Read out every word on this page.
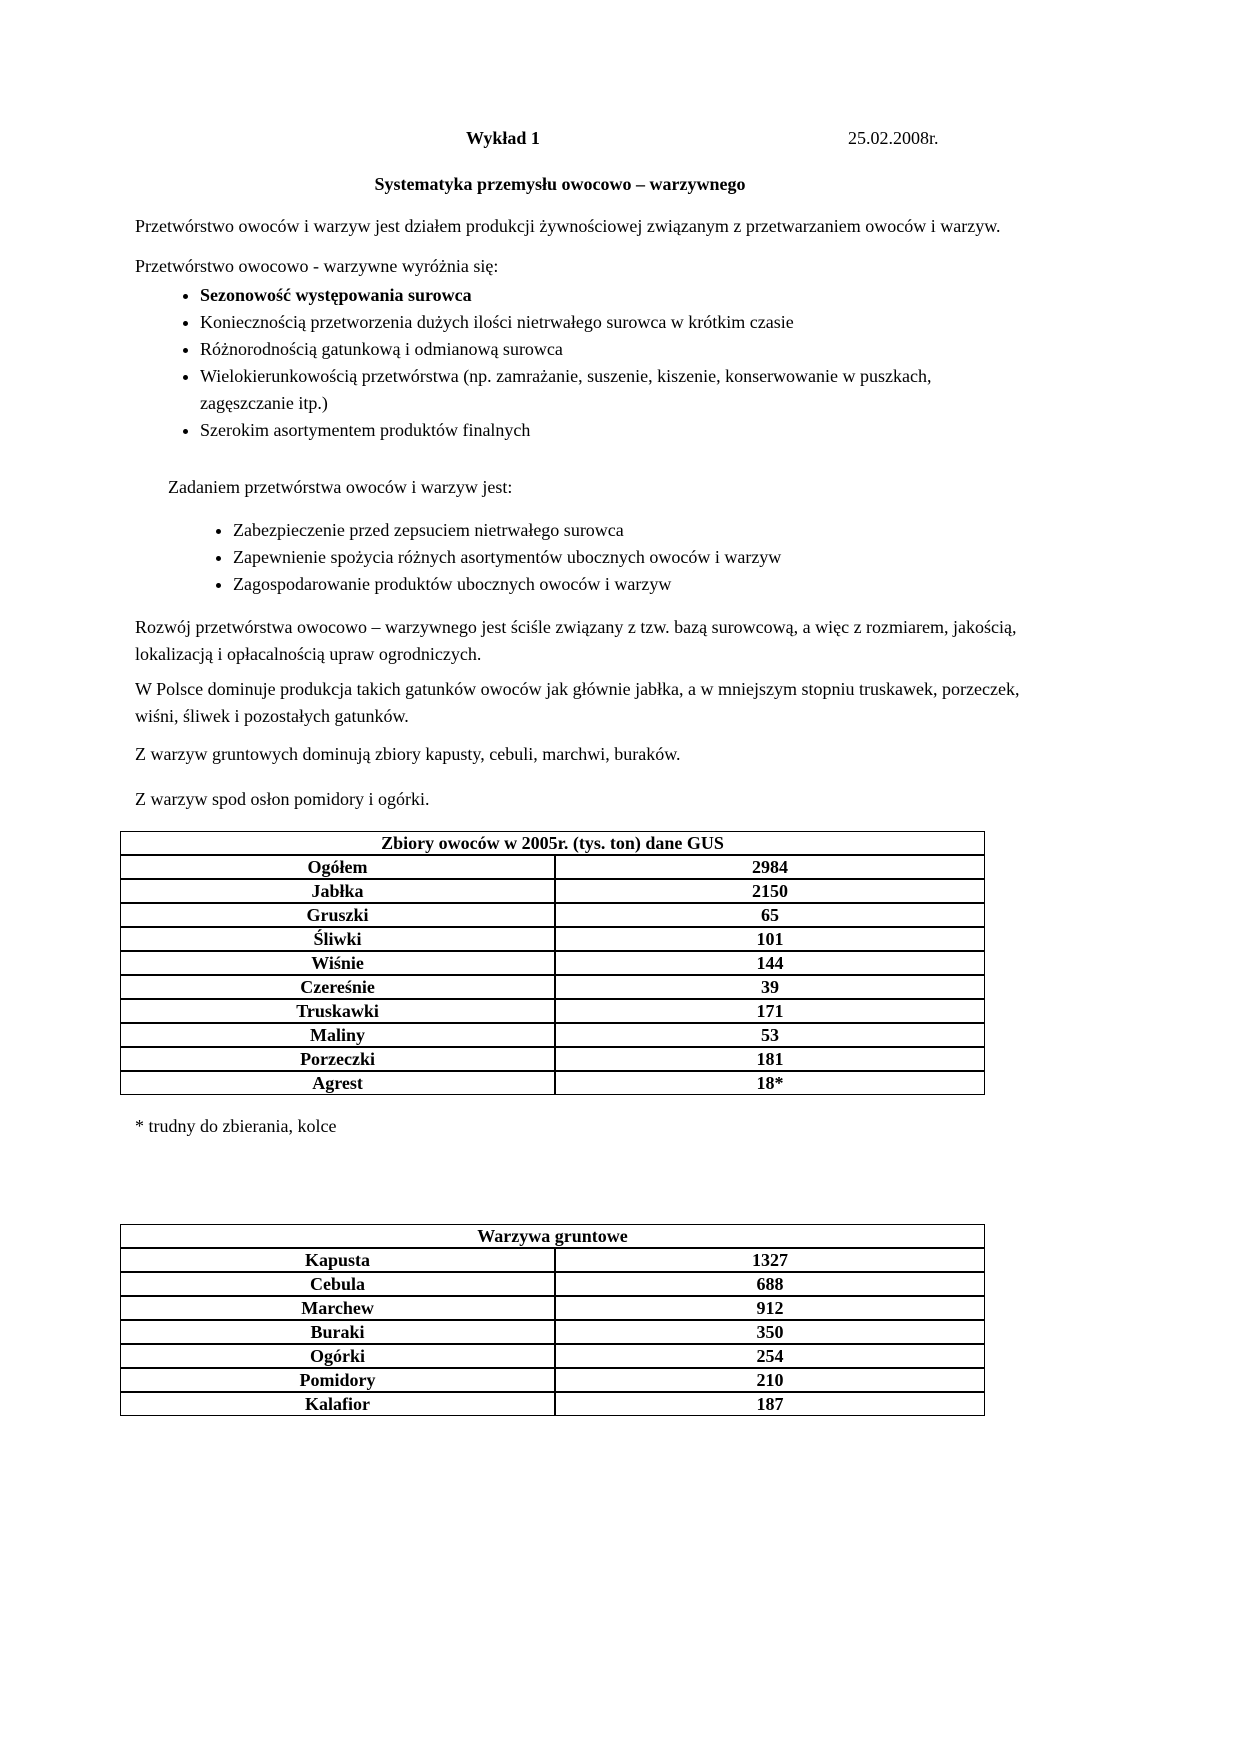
Wykład 1	25.02.2008r.

Systematyka przemysłu owocowo – warzywnego

Przetwórstwo owoców i warzyw jest działem produkcji żywnościowej związanym z przetwarzaniem owoców i warzyw.

Przetwórstwo owocowo - warzywne wyróżnia się:

• Sezonowość występowania surowca
• Koniecznością przetworzenia dużych ilości nietrwałego surowca w krótkim czasie
• Różnorodnością gatunkową i odmianową surowca
• Wielokierunkowością przetwórstwa (np. zamrażanie, suszenie, kiszenie, konserwowanie w puszkach, zagęszczanie itp.)
• Szerokim asortymentem produktów finalnych

Zadaniem przetwórstwa owoców i warzyw jest:

• Zabezpieczenie przed zepsuciem nietrwałego surowca
• Zapewnienie spożycia różnych asortymentów ubocznych owoców i warzyw
• Zagospodarowanie produktów ubocznych owoców i warzyw

Rozwój przetwórstwa owocowo – warzywnego jest ściśle związany z tzw. bazą surowcową, a więc z rozmiarem, jakością, lokalizacją i opłacalnością upraw ogrodniczych.

W Polsce dominuje produkcja takich gatunków owoców jak głównie jabłka, a w mniejszym stopniu truskawek, porzeczek, wiśni, śliwek i pozostałych gatunków.

Z warzyw gruntowych dominują zbiory kapusty, cebuli, marchwi, buraków.

Z warzyw spod osłon pomidory i ogórki.

Zbiory owoców w 2005r. (tys. ton) dane GUS	
Ogółem	2984
Jabłka	2150
Gruszki	65
Śliwki	101
Wiśnie	144
Czereśnie	39
Truskawki	171
Maliny	53
Porzeczki	181
Agrest	18*

* trudny do zbierania, kolce

Warzywa gruntowe	
Kapusta	1327
Cebula	688
Marchew	912
Buraki	350
Ogórki	254
Pomidory	210
Kalafior	187
